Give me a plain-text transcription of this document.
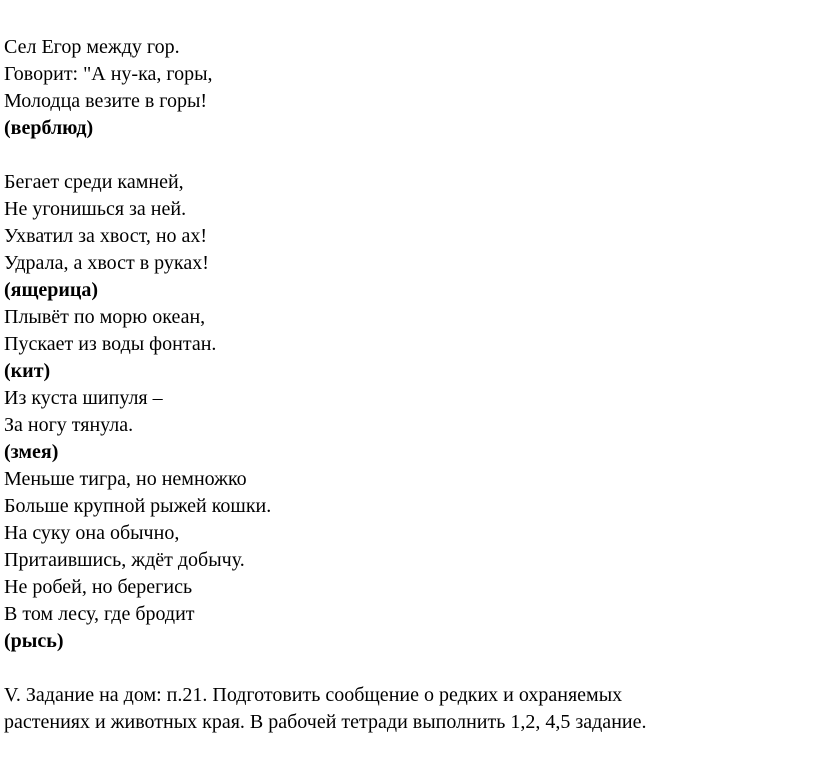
Сел Егор между гор.
Говорит: "А ну-ка, горы,
Молодца везите в горы!
(верблюд)
Бегает среди камней,
Не угонишься за ней.
Ухватил за хвост, но ах!
Удрала, а хвост в руках!
(ящерица)
Плывёт по морю океан,
Пускает из воды фонтан.
(кит)
Из куста шипуля –
За ногу тянула.
(змея)
Меньше тигра, но немножко
Больше крупной рыжей кошки.
На суку она обычно,
Притаившись, ждёт добычу.
Не робей, но берегись
В том лесу, где бродит
(рысь)
V. Задание на дом: п.21. Подготовить сообщение о редких и охраняемых
растениях и животных края. В рабочей тетради выполнить 1,2, 4,5 задание.
